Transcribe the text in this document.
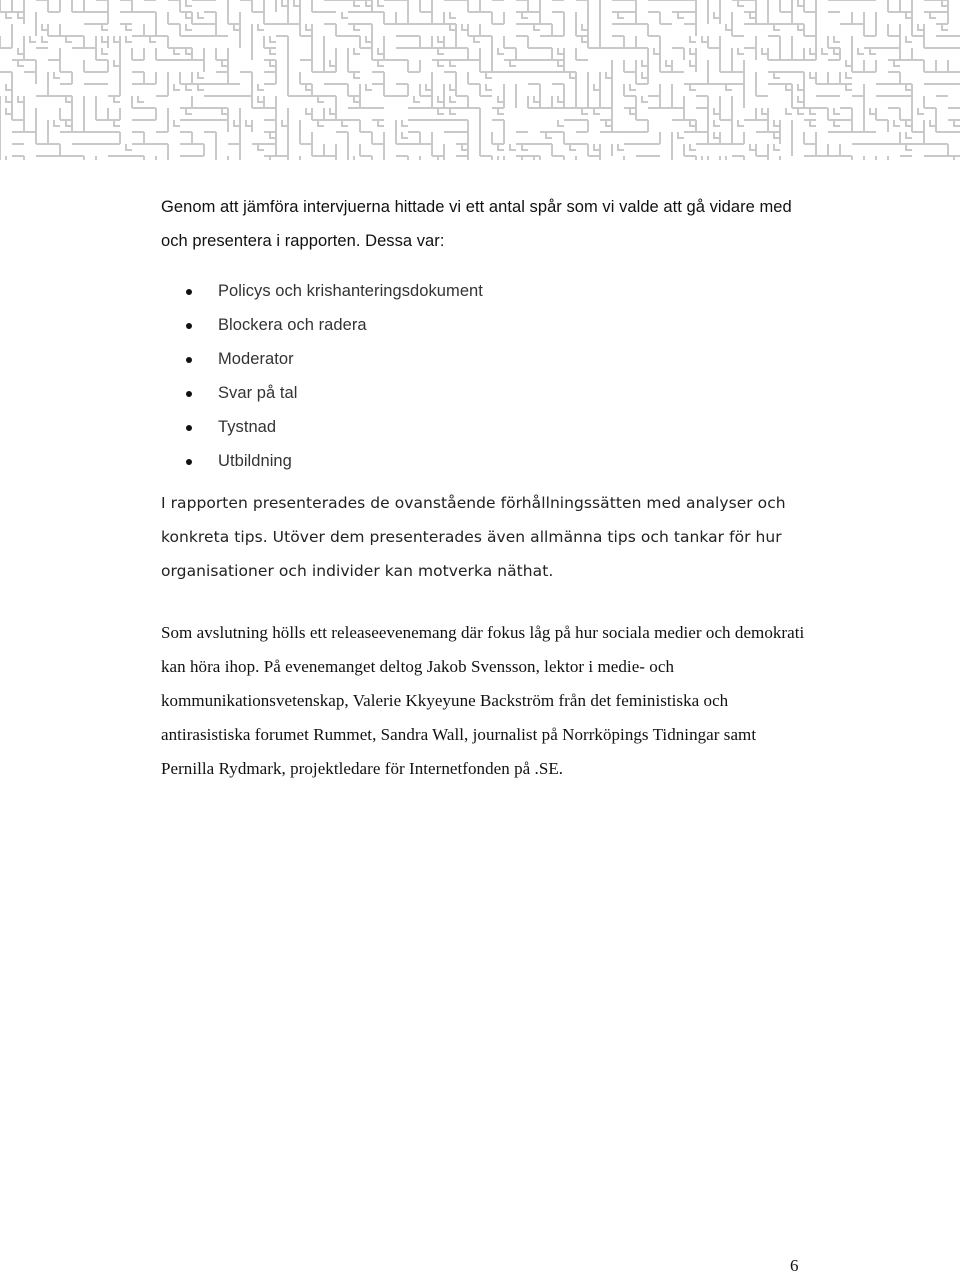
Genom att jämföra intervjuerna hittade vi ett antal spår som vi valde att gå vidare med och presentera i rapporten. Dessa var:

Policys och krishanteringsdokument
Blockera och radera
Moderator
Svar på tal
Tystnad
Utbildning

I rapporten presenterades de ovanstående förhållningssätten med analyser och konkreta tips. Utöver dem presenterades även allmänna tips och tankar för hur organisationer och individer kan motverka näthat.

Som avslutning hölls ett releaseevenemang där fokus låg på hur sociala medier och demokrati kan höra ihop. På evenemanget deltog Jakob Svensson, lektor i medie- och kommunikationsvetenskap, Valerie Kkyeyune Backström från det feministiska och antirasistiska forumet Rummet, Sandra Wall, journalist på Norrköpings Tidningar samt Pernilla Rydmark, projektledare för Internetfonden på .SE.

6
